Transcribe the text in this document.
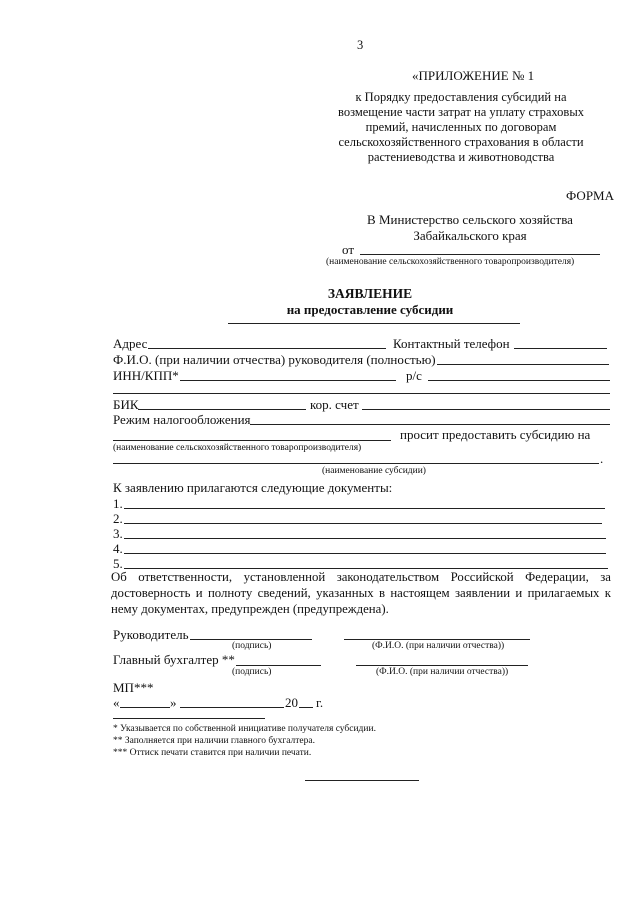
3
«ПРИЛОЖЕНИЕ № 1
к Порядку предоставления субсидий на
возмещение части затрат на уплату страховых
премий, начисленных по договорам
сельскохозяйственного страхования в области
растениеводства и животноводства
ФОРМА
В Министерство сельского хозяйства
Забайкальского края
от
(наименование сельскохозяйственного товаропроизводителя)
ЗАЯВЛЕНИЕ
на предоставление субсидии
Адрес	Контактный телефон
Ф.И.О. (при наличии отчества) руководителя (полностью)
ИНН/КПП*	р/с
БИК	кор. счет
Режим налогообложения
просит предоставить субсидию на
(наименование сельскохозяйственного товаропроизводителя)
.
(наименование субсидии)
К заявлению прилагаются следующие документы:
1.
2.
3.
4.
5.
Об ответственности, установленной законодательством Российской Федерации, за достоверность и полноту сведений, указанных в настоящем заявлении и прилагаемых к нему документах, предупрежден (предупреждена).
Руководитель
(подпись)	(Ф.И.О. (при наличии отчества))
Главный бухгалтер **
(подпись)	(Ф.И.О. (при наличии отчества))
МП***
«	»	20 г.
* Указывается по собственной инициативе получателя субсидии.
** Заполняется при наличии главного бухгалтера.
*** Оттиск печати ставится при наличии печати.
